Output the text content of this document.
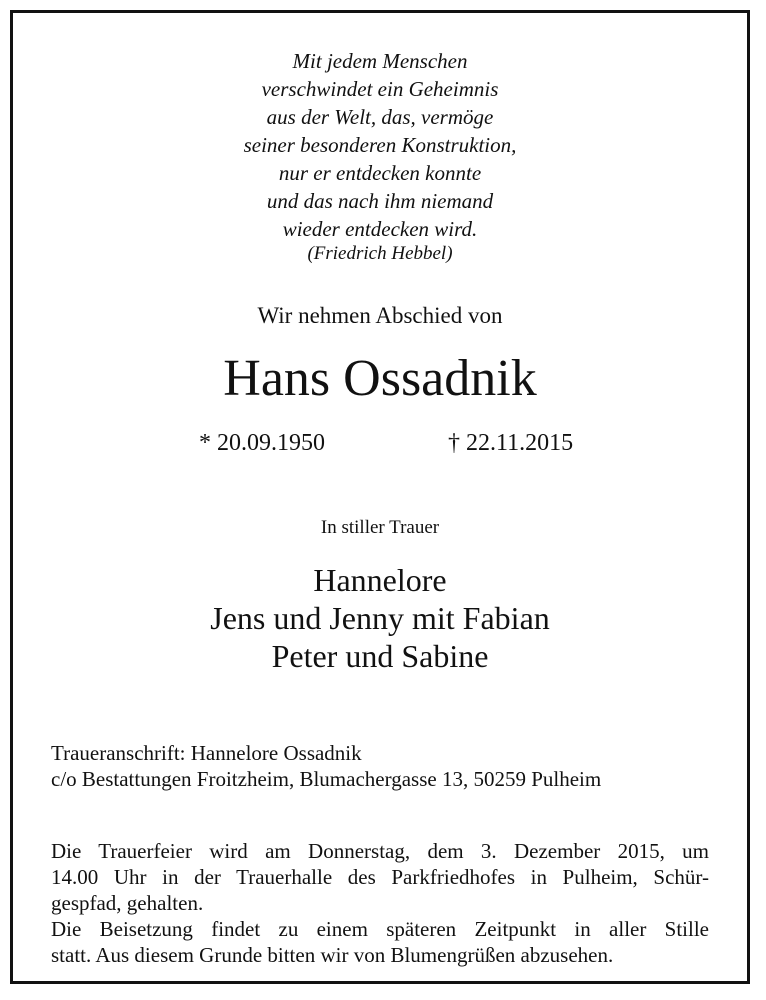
Mit jedem Menschen
verschwindet ein Geheimnis
aus der Welt, das, vermöge
seiner besonderen Konstruktion,
nur er entdecken konnte
und das nach ihm niemand
wieder entdecken wird.
(Friedrich Hebbel)
Wir nehmen Abschied von
Hans Ossadnik
* 20.09.1950	† 22.11.2015
In stiller Trauer
Hannelore
Jens und Jenny mit Fabian
Peter und Sabine
Traueranschrift: Hannelore Ossadnik
c/o Bestattungen Froitzheim, Blumachergasse 13, 50259 Pulheim
Die Trauerfeier wird am Donnerstag, dem 3. Dezember 2015, um
14.00 Uhr in der Trauerhalle des Parkfriedhofes in Pulheim, Schür-
gespfad, gehalten.
Die Beisetzung findet zu einem späteren Zeitpunkt in aller Stille
statt. Aus diesem Grunde bitten wir von Blumengrüßen abzusehen.
